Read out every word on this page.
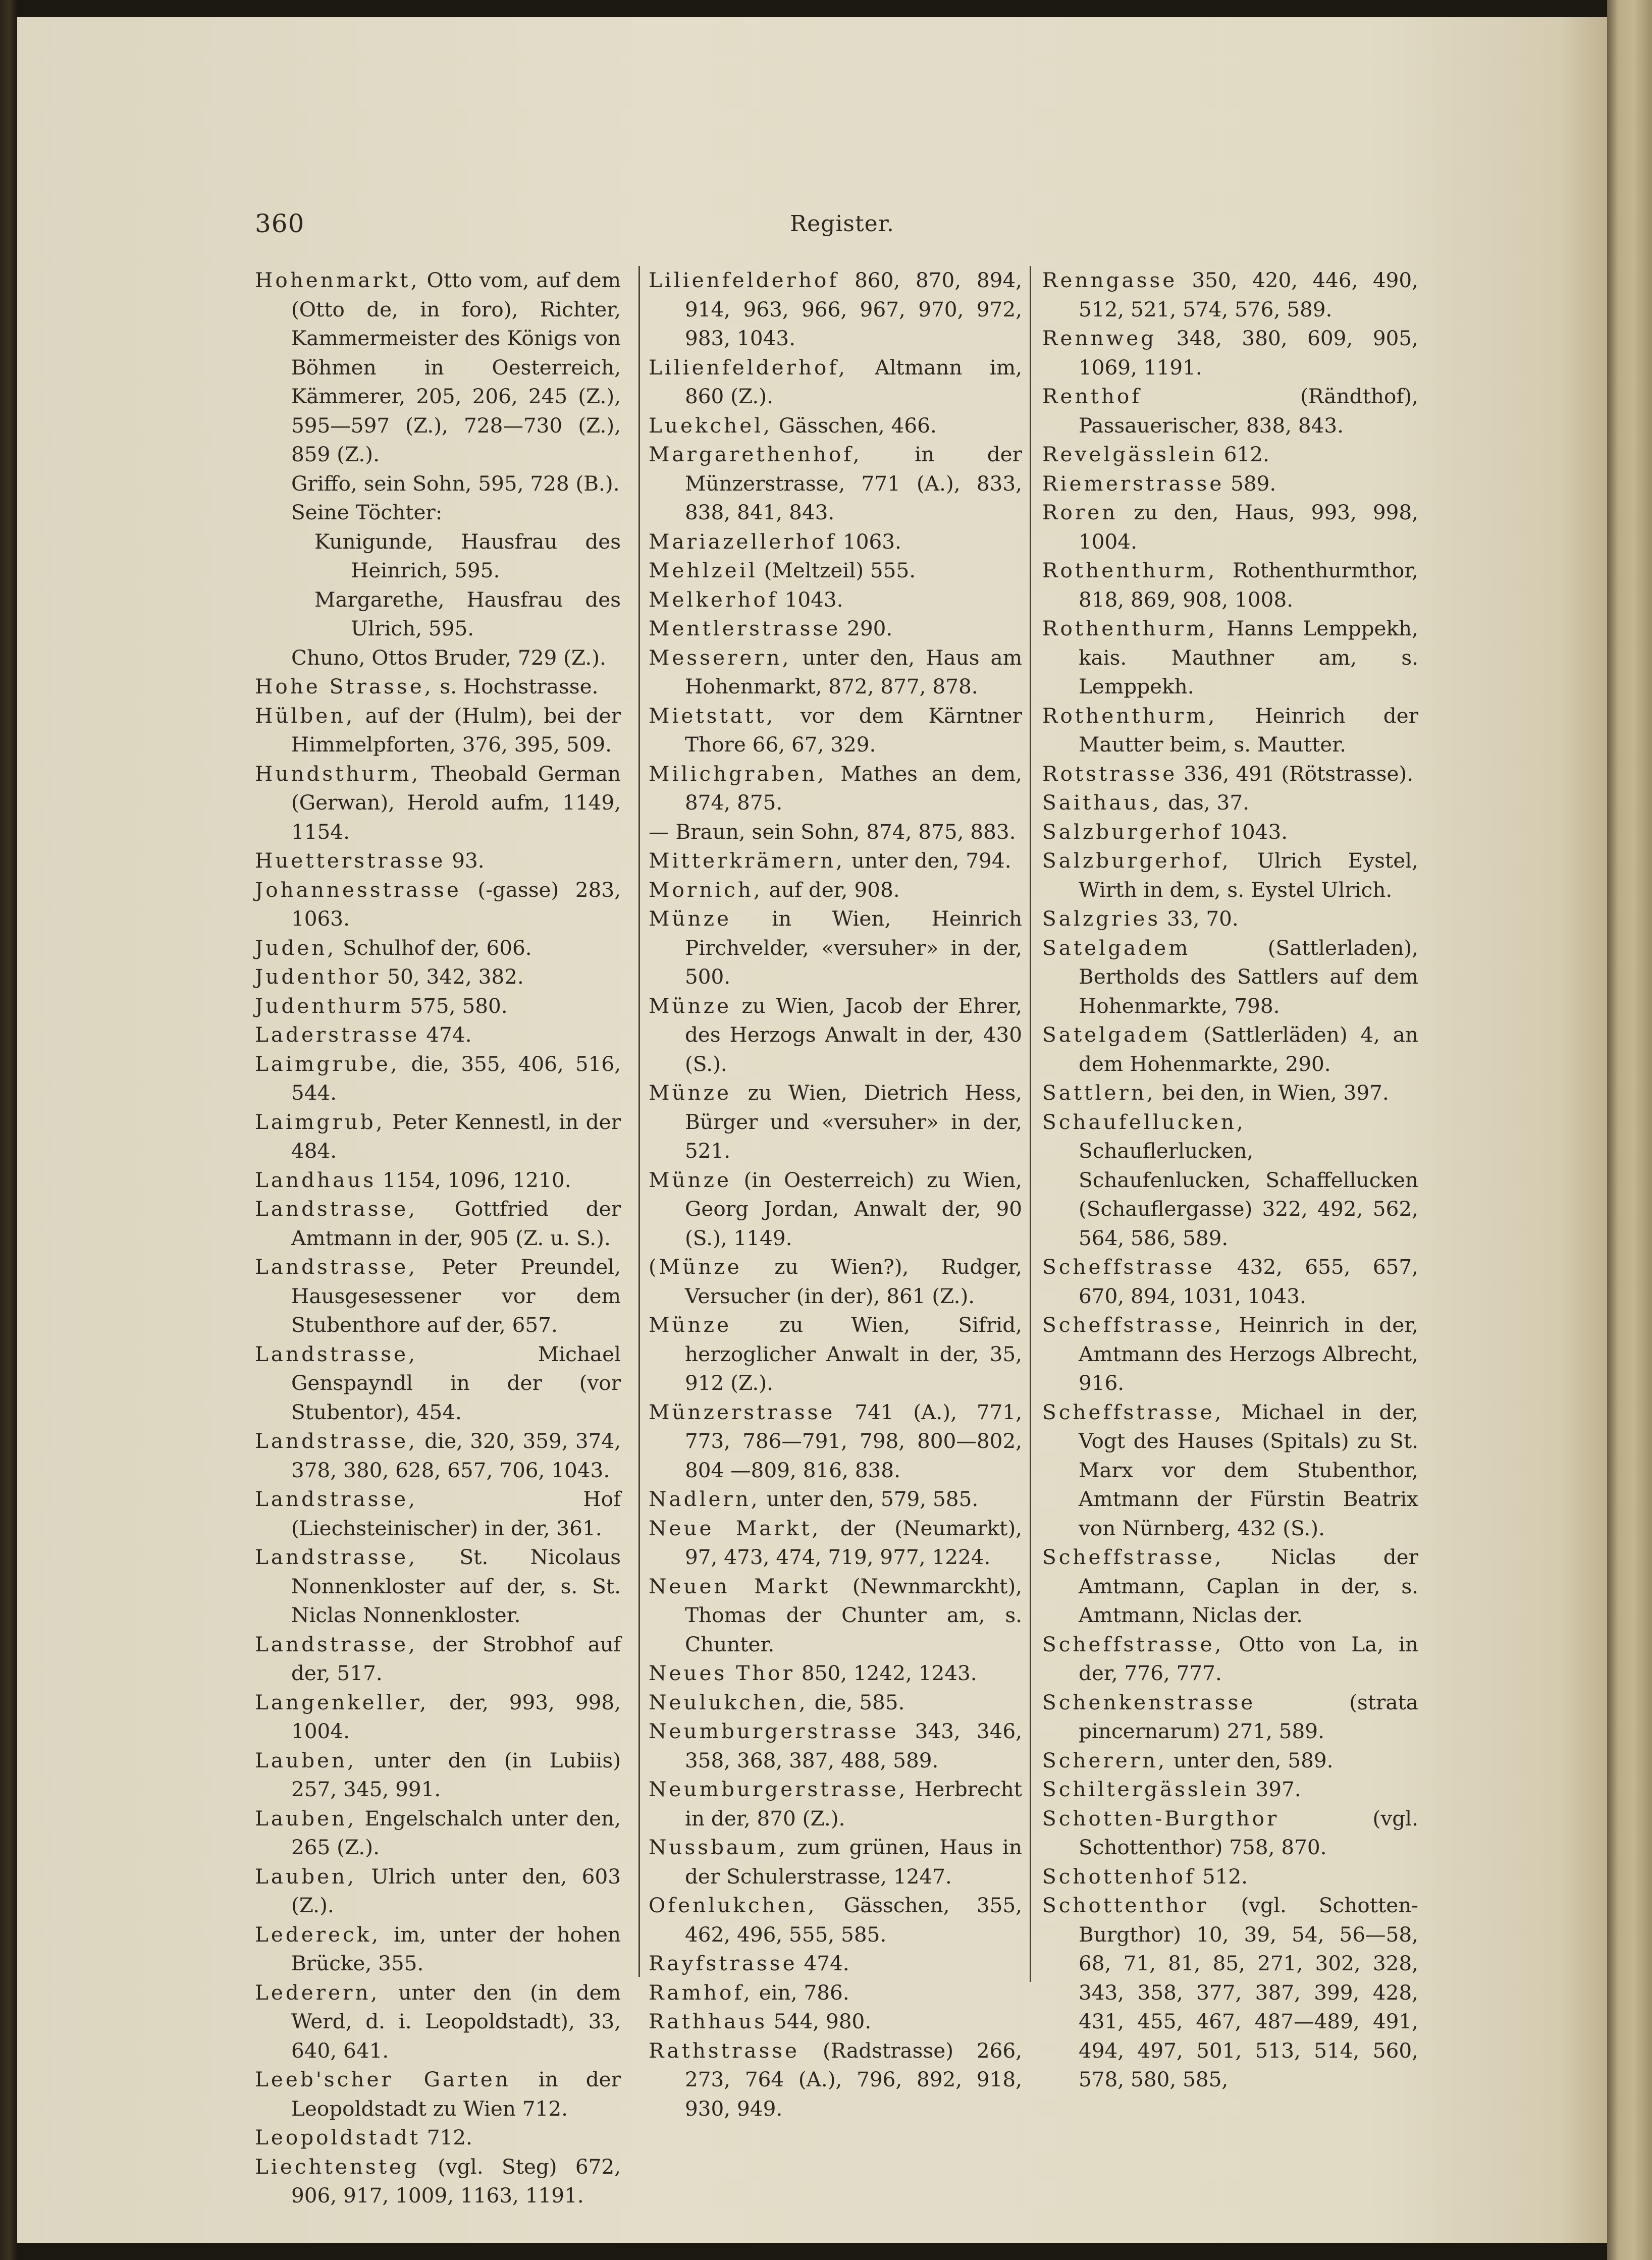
360	Register.
Hohenmarkt, Otto vom, auf dem (Otto de, in foro), Richter, Kammermeister des Königs von Böhmen in Oesterreich, Kämmerer, 205, 206, 245 (Z.), 595—597 (Z.), 728—730 (Z.), 859 (Z.).
Griffo, sein Sohn, 595, 728 (B.).
Seine Töchter:
Kunigunde, Hausfrau des Heinrich, 595.
Margarethe, Hausfrau des Ulrich, 595.
Chuno, Ottos Bruder, 729 (Z.).
Hohe Strasse, s. Hochstrasse.
Hülben, auf der (Hulm), bei der Himmelpforten, 376, 395, 509.
Hundsthurm, Theobald German (Gerwan), Herold aufm, 1149, 1154.
Huetterstrasse 93.
Johannesstrasse (-gasse) 283, 1063.
Juden, Schulhof der, 606.
Judenthor 50, 342, 382.
Judenthurm 575, 580.
Laderstrasse 474.
Laimgrube, die, 355, 406, 516, 544.
Laimgrub, Peter Kennestl, in der 484.
Landhaus 1154, 1096, 1210.
Landstrasse, Gottfried der Amtmann in der, 905 (Z. u. S.).
Landstrasse, Peter Preundel, Hausgesessener vor dem Stubenthore auf der, 657.
Landstrasse, Michael Genspayndl in der (vor Stubentor), 454.
Landstrasse, die, 320, 359, 374, 378, 380, 628, 657, 706, 1043.
Landstrasse, Hof (Liechsteinischer) in der, 361.
Landstrasse, St. Nicolaus Nonnenkloster auf der, s. St. Niclas Nonnenkloster.
Landstrasse, der Strobhof auf der, 517.
Langenkeller, der, 993, 998, 1004.
Lauben, unter den (in Lubiis) 257, 345, 991.
Lauben, Engelschalch unter den, 265 (Z.).
Lauben, Ulrich unter den, 603 (Z.).
Ledereck, im, unter der hohen Brücke, 355.
Lederern, unter den (in dem Werd, d. i. Leopoldstadt), 33, 640, 641.
Leeb'scher Garten in der Leopoldstadt zu Wien 712.
Leopoldstadt 712.
Liechtensteg (vgl. Steg) 672, 906, 917, 1009, 1163, 1191.
Lilienfelderhof 860, 870, 894, 914, 963, 966, 967, 970, 972, 983, 1043.
Lilienfelderhof, Altmann im, 860 (Z.).
Luekchel, Gässchen, 466.
Margarethenhof, in der Münzerstrasse, 771 (A.), 833, 838, 841, 843.
Mariazellerhof 1063.
Mehlzeil (Meltzeil) 555.
Melkerhof 1043.
Mentlerstrasse 290.
Messerern, unter den, Haus am Hohenmarkt, 872, 877, 878.
Mietstatt, vor dem Kärntner Thore 66, 67, 329.
Milichgraben, Mathes an dem, 874, 875.
— Braun, sein Sohn, 874, 875, 883.
Mitterkrämern, unter den, 794.
Mornich, auf der, 908.
Münze in Wien, Heinrich Pirchvelder, «versuher» in der, 500.
Münze zu Wien, Jacob der Ehrer, des Herzogs Anwalt in der, 430 (S.).
Münze zu Wien, Dietrich Hess, Bürger und «versuher» in der, 521.
Münze (in Oesterreich) zu Wien, Georg Jordan, Anwalt der, 90 (S.), 1149.
(Münze zu Wien?), Rudger, Versucher (in der), 861 (Z.).
Münze zu Wien, Sifrid, herzoglicher Anwalt in der, 35, 912 (Z.).
Münzerstrasse 741 (A.), 771, 773, 786—791, 798, 800—802, 804 —809, 816, 838.
Nadlern, unter den, 579, 585.
Neue Markt, der (Neumarkt), 97, 473, 474, 719, 977, 1224.
Neuen Markt (Newnmarckht), Thomas der Chunter am, s. Chunter.
Neues Thor 850, 1242, 1243.
Neulukchen, die, 585.
Neumburgerstrasse 343, 346, 358, 368, 387, 488, 589.
Neumburgerstrasse, Herbrecht in der, 870 (Z.).
Nussbaum, zum grünen, Haus in der Schulerstrasse, 1247.
Ofenlukchen, Gässchen, 355, 462, 496, 555, 585.
Rayfstrasse 474.
Ramhof, ein, 786.
Rathhaus 544, 980.
Rathstrasse (Radstrasse) 266, 273, 764 (A.), 796, 892, 918, 930, 949.
Renngasse 350, 420, 446, 490, 512, 521, 574, 576, 589.
Rennweg 348, 380, 609, 905, 1069, 1191.
Renthof (Rändthof), Passauerischer, 838, 843.
Revelgässlein 612.
Riemerstrasse 589.
Roren zu den, Haus, 993, 998, 1004.
Rothenthurm, Rothenthurmthor, 818, 869, 908, 1008.
Rothenthurm, Hanns Lemppekh, kais. Mauthner am, s. Lemppekh.
Rothenthurm, Heinrich der Mautter beim, s. Mautter.
Rotstrasse 336, 491 (Rötstrasse).
Saithaus, das, 37.
Salzburgerhof 1043.
Salzburgerhof, Ulrich Eystel, Wirth in dem, s. Eystel Ulrich.
Salzgries 33, 70.
Satelgadem (Sattlerladen), Bertholds des Sattlers auf dem Hohenmarkte, 798.
Satelgadem (Sattlerläden) 4, an dem Hohenmarkte, 290.
Sattlern, bei den, in Wien, 397.
Schaufellucken, Schauflerlucken, Schaufenlucken, Schaffellucken (Schauflergasse) 322, 492, 562, 564, 586, 589.
Scheffstrasse 432, 655, 657, 670, 894, 1031, 1043.
Scheffstrasse, Heinrich in der, Amtmann des Herzogs Albrecht, 916.
Scheffstrasse, Michael in der, Vogt des Hauses (Spitals) zu St. Marx vor dem Stubenthor, Amtmann der Fürstin Beatrix von Nürnberg, 432 (S.).
Scheffstrasse, Niclas der Amtmann, Caplan in der, s. Amtmann, Niclas der.
Scheffstrasse, Otto von La, in der, 776, 777.
Schenkenstrasse (strata pincernarum) 271, 589.
Scherern, unter den, 589.
Schiltergässlein 397.
Schotten-Burgthor (vgl. Schottenthor) 758, 870.
Schottenhof 512.
Schottenthor (vgl. Schotten-Burgthor) 10, 39, 54, 56—58, 68, 71, 81, 85, 271, 302, 328, 343, 358, 377, 387, 399, 428, 431, 455, 467, 487—489, 491, 494, 497, 501, 513, 514, 560, 578, 580, 585,
